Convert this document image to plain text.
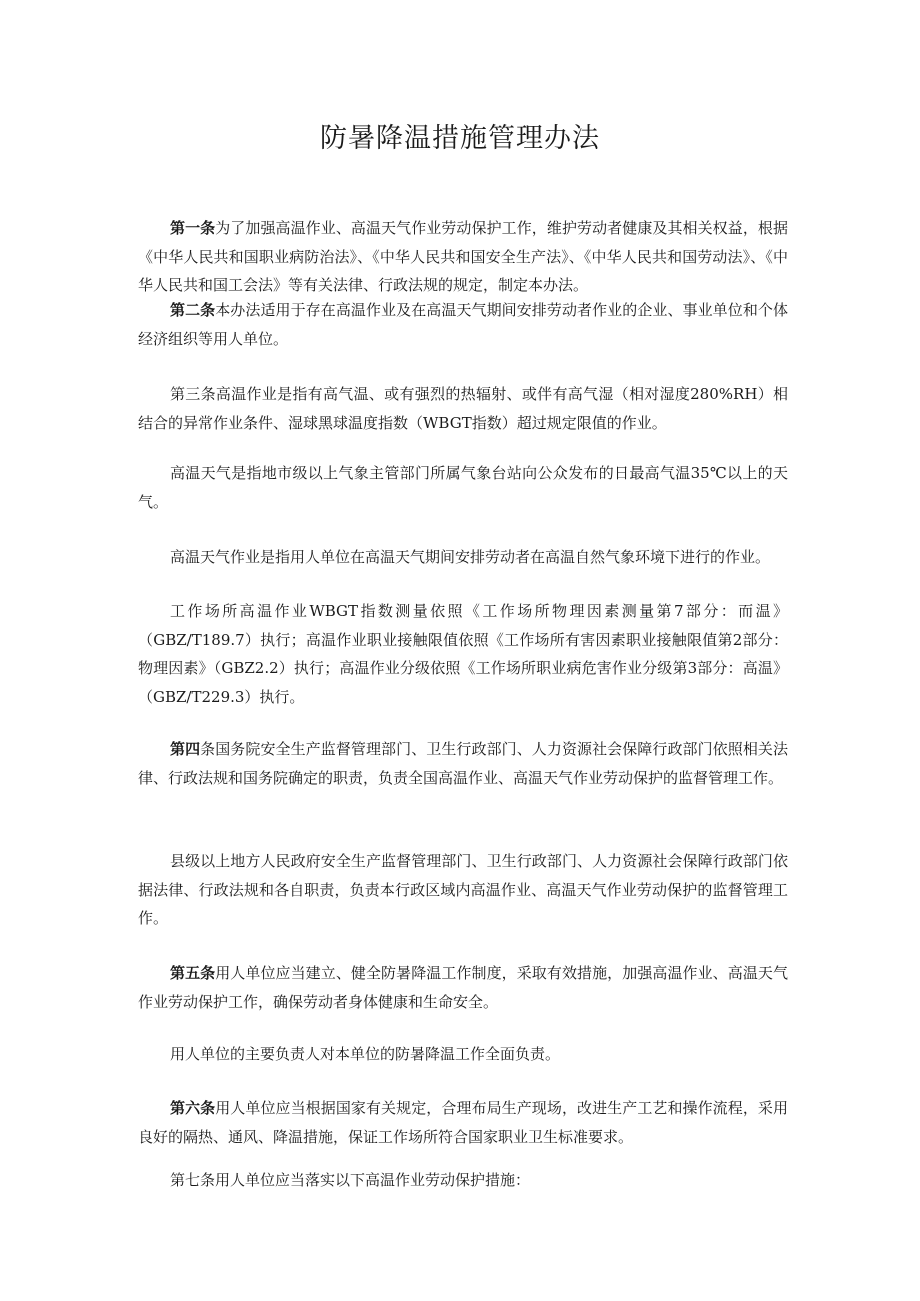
防暑降温措施管理办法

第一条为了加强高温作业、高温天气作业劳动保护工作，维护劳动者健康及其相关权益，根据《中华人民共和国职业病防治法》、《中华人民共和国安全生产法》、《中华人民共和国劳动法》、《中华人民共和国工会法》等有关法律、行政法规的规定，制定本办法。

第二条本办法适用于存在高温作业及在高温天气期间安排劳动者作业的企业、事业单位和个体经济组织等用人单位。

第三条高温作业是指有高气温、或有强烈的热辐射、或伴有高气湿（相对湿度280%RH）相结合的异常作业条件、湿球黑球温度指数（WBGT指数）超过规定限值的作业。

高温天气是指地市级以上气象主管部门所属气象台站向公众发布的日最高气温35℃以上的天气。

高温天气作业是指用人单位在高温天气期间安排劳动者在高温自然气象环境下进行的作业。

工作场所高温作业WBGT指数测量依照《工作场所物理因素测量第7部分：而温》（GBZ/T189.7）执行；高温作业职业接触限值依照《工作场所有害因素职业接触限值第2部分：物理因素》（GBZ2.2）执行；高温作业分级依照《工作场所职业病危害作业分级第3部分：高温》（GBZ/T229.3）执行。

第四条国务院安全生产监督管理部门、卫生行政部门、人力资源社会保障行政部门依照相关法律、行政法规和国务院确定的职责，负责全国高温作业、高温天气作业劳动保护的监督管理工作。

县级以上地方人民政府安全生产监督管理部门、卫生行政部门、人力资源社会保障行政部门依据法律、行政法规和各自职责，负责本行政区域内高温作业、高温天气作业劳动保护的监督管理工作。

第五条用人单位应当建立、健全防暑降温工作制度，采取有效措施，加强高温作业、高温天气作业劳动保护工作，确保劳动者身体健康和生命安全。

用人单位的主要负责人对本单位的防暑降温工作全面负责。

第六条用人单位应当根据国家有关规定，合理布局生产现场，改进生产工艺和操作流程，采用良好的隔热、通风、降温措施，保证工作场所符合国家职业卫生标准要求。

第七条用人单位应当落实以下高温作业劳动保护措施：
